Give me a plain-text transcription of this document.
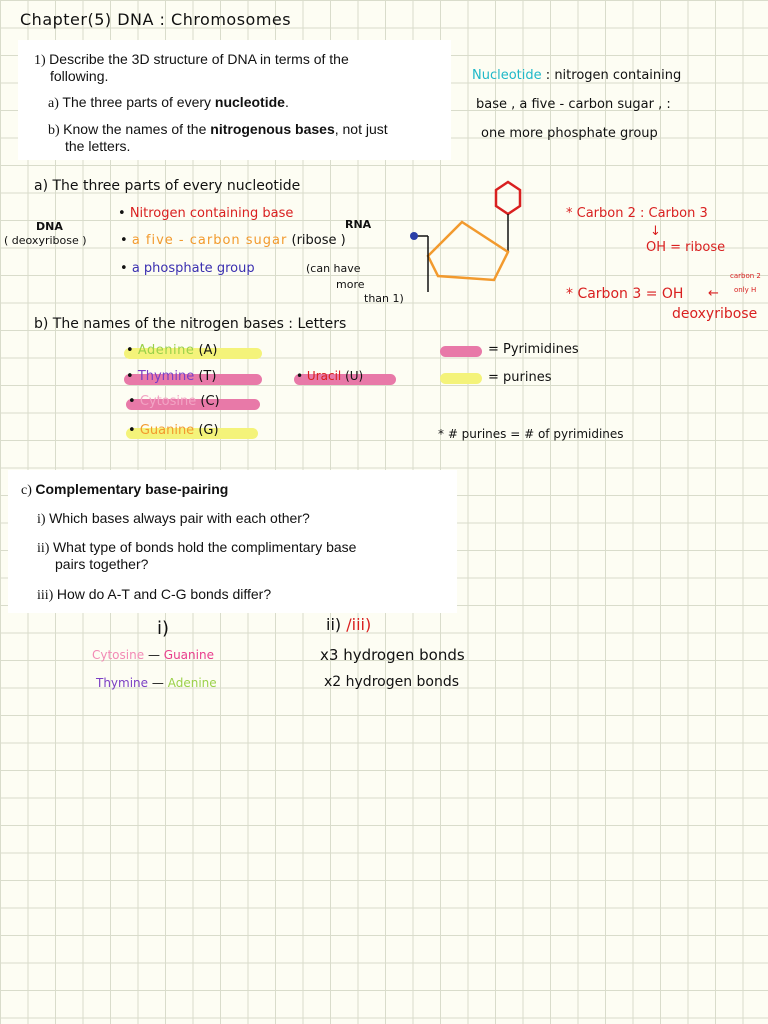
Chapter(5) DNA : Chromosomes
1) Describe the 3D structure of DNA in terms of the
following.
a) The three parts of every nucleotide.
b) Know the names of the nitrogenous bases, not just
the letters.
Nucleotide : nitrogen containing
base , a five - carbon sugar , :
one more phosphate group
a) The three parts of every nucleotide
DNA
( deoxyribose )
RNA
• Nitrogen containing base
• a five - carbon sugar (ribose )
• a phosphate group	(can have
more
than 1)
* Carbon 2 : Carbon 3
↓
OH = ribose
* Carbon 3 = OH ←
carbon 2
only H
deoxyribose
b) The names of the nitrogen bases : Letters
• Adenine (A)
• Thymine (T)
• Cytosine (C)
• Guanine (G)
• Uracil (U)
= Pyrimidines
= purines
* # purines = # of pyrimidines
c) Complementary base-pairing
i) Which bases always pair with each other?
ii) What type of bonds hold the complimentary base
pairs together?
iii) How do A-T and C-G bonds differ?
i)	ii) /iii)
Cytosine — Guanine
Thymine — Adenine
x3 hydrogen bonds
x2 hydrogen bonds
